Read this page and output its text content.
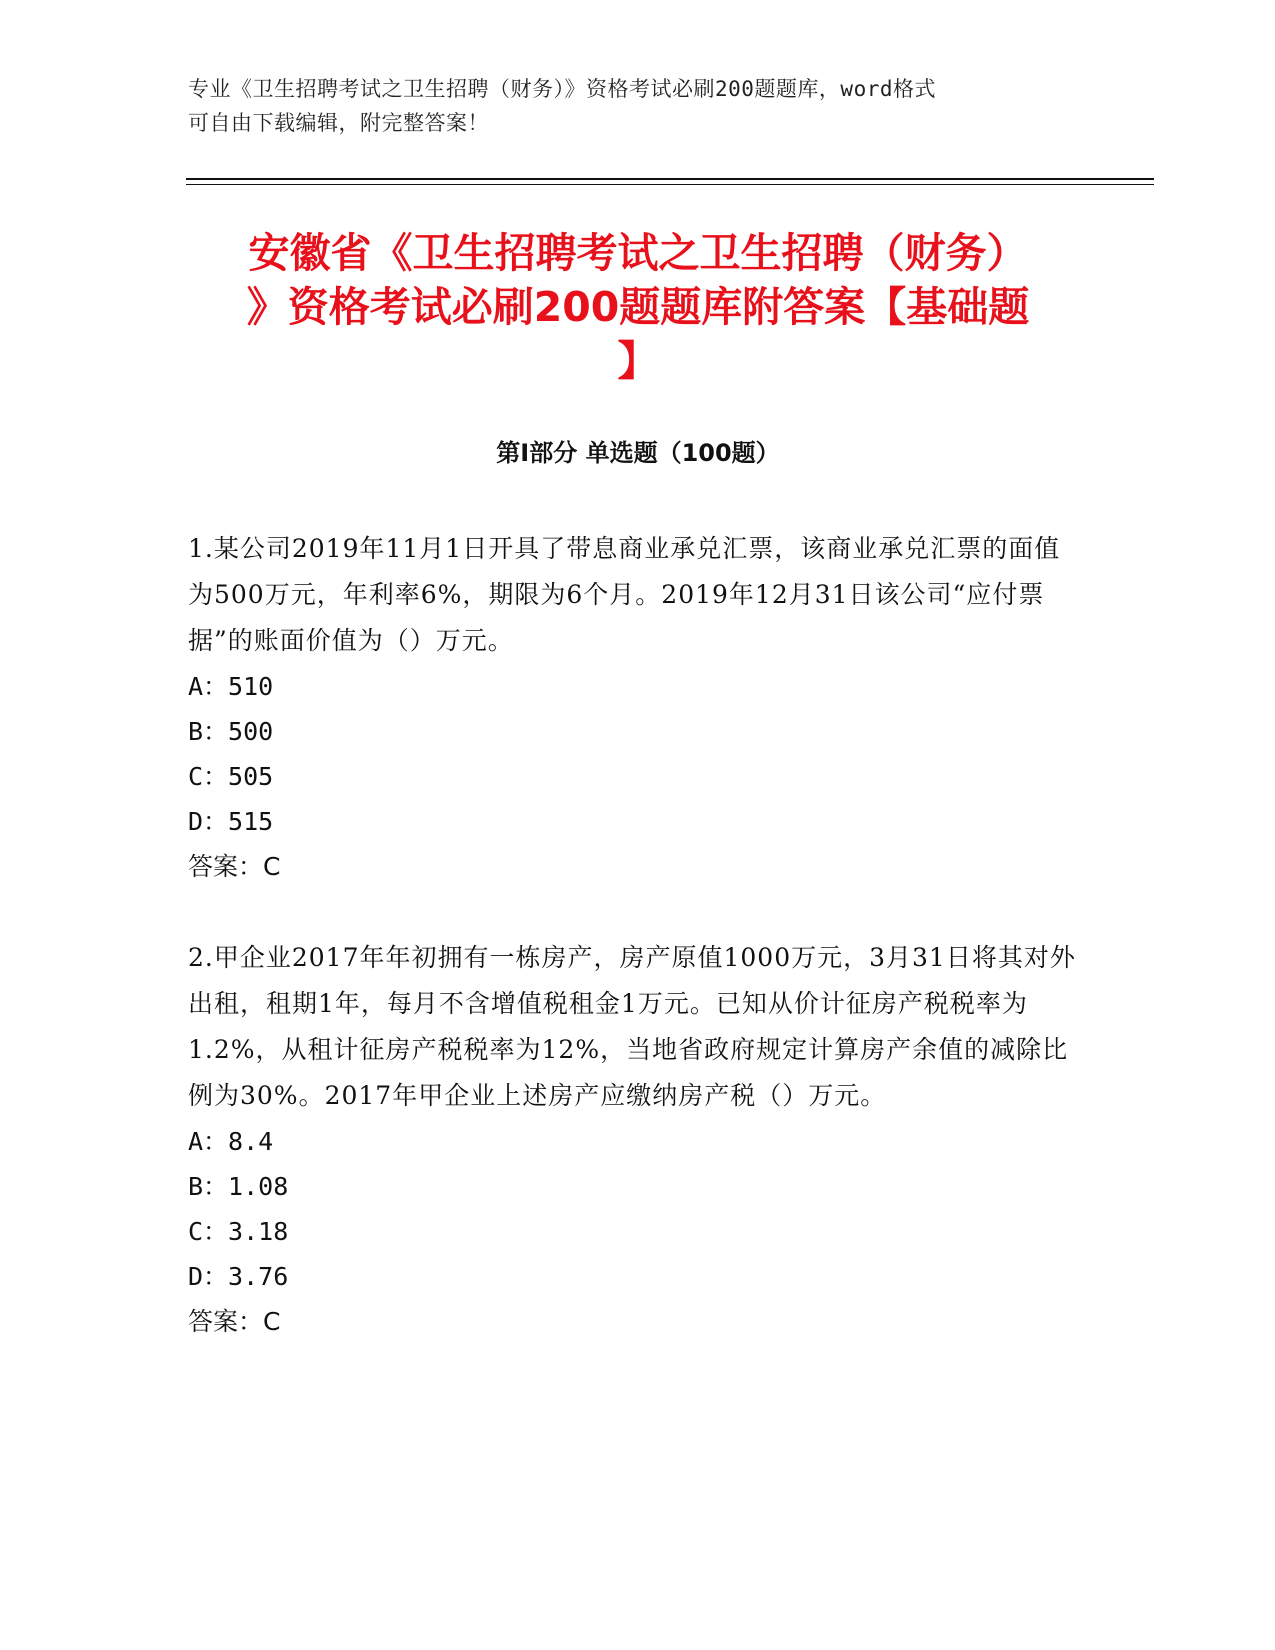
专业《卫生招聘考试之卫生招聘（财务）》资格考试必刷200题题库，word格式
可自由下载编辑，附完整答案！
安徽省《卫生招聘考试之卫生招聘（财务）
》资格考试必刷200题题库附答案【基础题
】
第Ⅰ部分 单选题（100题）

1.某公司2019年11月1日开具了带息商业承兑汇票，该商业承兑汇票的面值为500万元，年利率6%，期限为6个月。2019年12月31日该公司“应付票据”的账面价值为（）万元。

A：510

B：500

C：505

D：515

答案：C

2.甲企业2017年年初拥有一栋房产，房产原值1000万元，3月31日将其对外出租，租期1年，每月不含增值税租金1万元。已知从价计征房产税税率为1.2%，从租计征房产税税率为12%，当地省政府规定计算房产余值的减除比例为30%。2017年甲企业上述房产应缴纳房产税（）万元。

A：8.4

B：1.08

C：3.18

D：3.76

答案：C
